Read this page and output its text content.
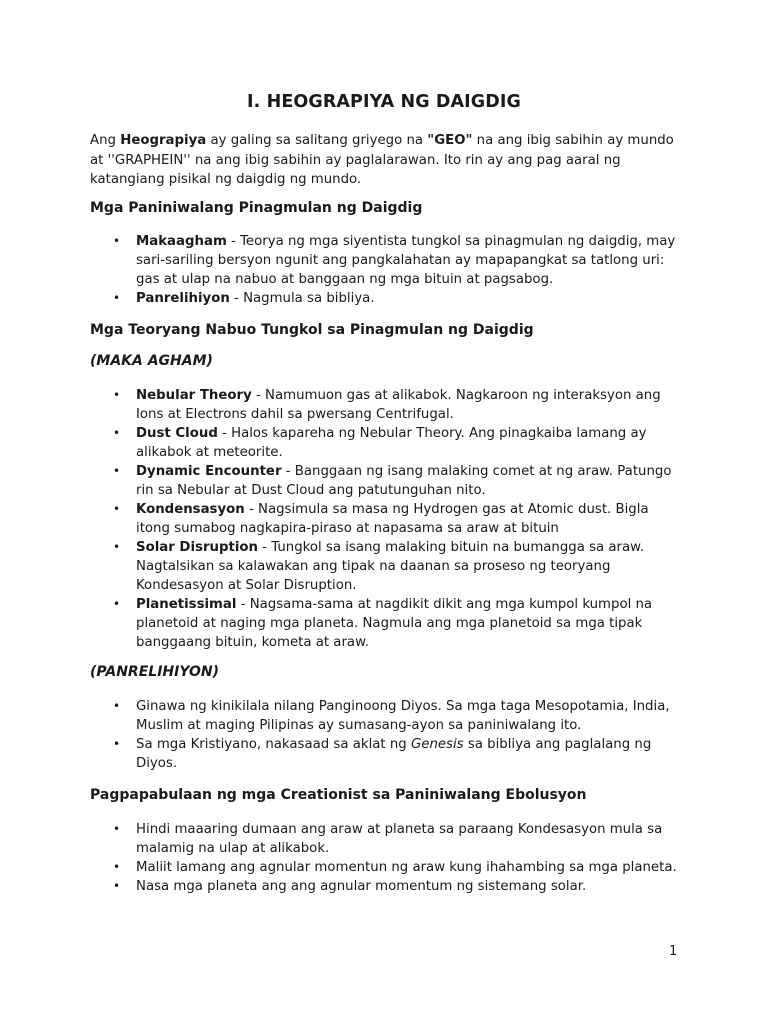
I. HEOGRAPIYA NG DAIGDIG
Ang Heograpiya ay galing sa salitang griyego na "GEO" na ang ibig sabihin ay mundo at ''GRAPHEIN'' na ang ibig sabihin ay paglalarawan. Ito rin ay ang pag aaral ng katangiang pisikal ng daigdig ng mundo.
Mga Paniniwalang Pinagmulan ng Daigdig
• Makaagham - Teorya ng mga siyentista tungkol sa pinagmulan ng daigdig, may sari-sariling bersyon ngunit ang pangkalahatan ay mapapangkat sa tatlong uri: gas at ulap na nabuo at banggaan ng mga bituin at pagsabog.
• Panrelihiyon - Nagmula sa bibliya.
Mga Teoryang Nabuo Tungkol sa Pinagmulan ng Daigdig
(MAKA AGHAM)
• Nebular Theory - Namumuon gas at alikabok. Nagkaroon ng interaksyon ang Ions at Electrons dahil sa pwersang Centrifugal.
• Dust Cloud - Halos kapareha ng Nebular Theory. Ang pinagkaiba lamang ay alikabok at meteorite.
• Dynamic Encounter - Banggaan ng isang malaking comet at ng araw. Patungo rin sa Nebular at Dust Cloud ang patutunguhan nito.
• Kondensasyon - Nagsimula sa masa ng Hydrogen gas at Atomic dust. Bigla itong sumabog nagkapira-piraso at napasama sa araw at bituin
• Solar Disruption - Tungkol sa isang malaking bituin na bumangga sa araw. Nagtalsikan sa kalawakan ang tipak na daanan sa proseso ng teoryang Kondesasyon at Solar Disruption.
• Planetissimal - Nagsama-sama at nagdikit dikit ang mga kumpol kumpol na planetoid at naging mga planeta. Nagmula ang mga planetoid sa mga tipak banggaang bituin, kometa at araw.
(PANRELIHIYON)
• Ginawa ng kinikilala nilang Panginoong Diyos. Sa mga taga Mesopotamia, India, Muslim at maging Pilipinas ay sumasang-ayon sa paniniwalang ito.
• Sa mga Kristiyano, nakasaad sa aklat ng Genesis sa bibliya ang paglalang ng Diyos.
Pagpapabulaan ng mga Creationist sa Paniniwalang Ebolusyon
• Hindi maaaring dumaan ang araw at planeta sa paraang Kondesasyon mula sa malamig na ulap at alikabok.
• Maliit lamang ang agnular momentun ng araw kung ihahambing sa mga planeta.
• Nasa mga planeta ang ang agnular momentum ng sistemang solar.
1
